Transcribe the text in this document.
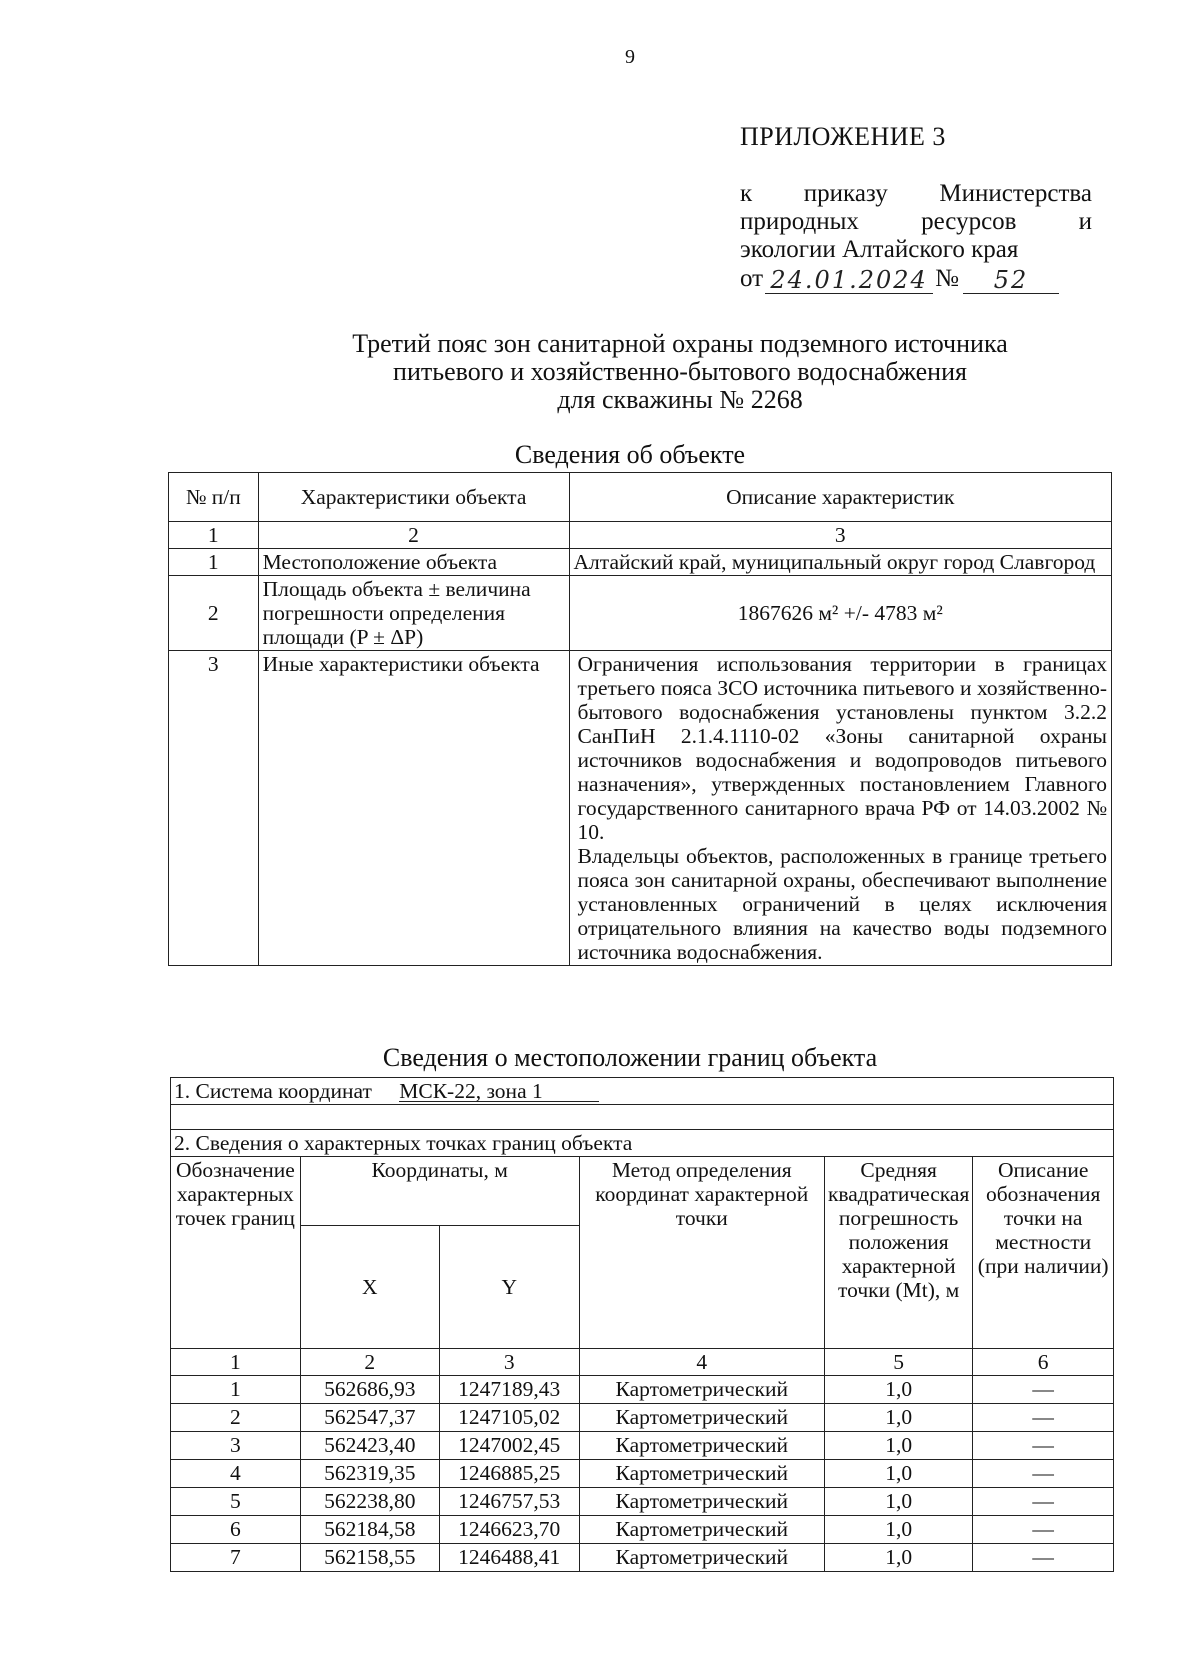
9
ПРИЛОЖЕНИЕ 3
к приказу Министерства
природных ресурсов и
экологии Алтайского края
от 24.01.2024 №	52
Третий пояс зон санитарной охраны подземного источника
питьевого и хозяйственно-бытового водоснабжения
для скважины № 2268
Сведения об объекте
№ п/п	Характеристики объекта	Описание характеристик
1	2	3
1	Местоположение объекта	Алтайский край, муниципальный округ город Славгород
2	Площадь объекта ± величина погрешности определения площади (P ± ΔP)	1867626 м² +/- 4783 м²
3	Иные характеристики объекта	Ограничения использования территории в границах третьего пояса ЗСО источника питьевого и хозяйственно-бытового водоснабжения установлены пунктом 3.2.2 СанПиН 2.1.4.1110-02 «Зоны санитарной охраны источников водоснабжения и водопроводов питьевого назначения», утвержденных постановлением Главного государственного санитарного врача РФ от 14.03.2002 № 10.
Владельцы объектов, расположенных в границе третьего пояса зон санитарной охраны, обеспечивают выполнение установленных ограничений в целях исключения отрицательного влияния на качество воды подземного источника водоснабжения.
Сведения о местоположении границ объекта
1. Система координат МСК-22, зона 1					

2. Сведения о характерных точках границ объекта					
Обозначение характерных точек границ	Координаты, м		Метод определения координат характерной точки	Средняя квадратическая погрешность положения характерной точки (Mt), м	Описание обозначения точки на местности (при наличии)
	X	Y			
1	2	3	4	5	6
1	562686,93	1247189,43	Картометрический	1,0	—
2	562547,37	1247105,02	Картометрический	1,0	—
3	562423,40	1247002,45	Картометрический	1,0	—
4	562319,35	1246885,25	Картометрический	1,0	—
5	562238,80	1246757,53	Картометрический	1,0	—
6	562184,58	1246623,70	Картометрический	1,0	—
7	562158,55	1246488,41	Картометрический	1,0	—
